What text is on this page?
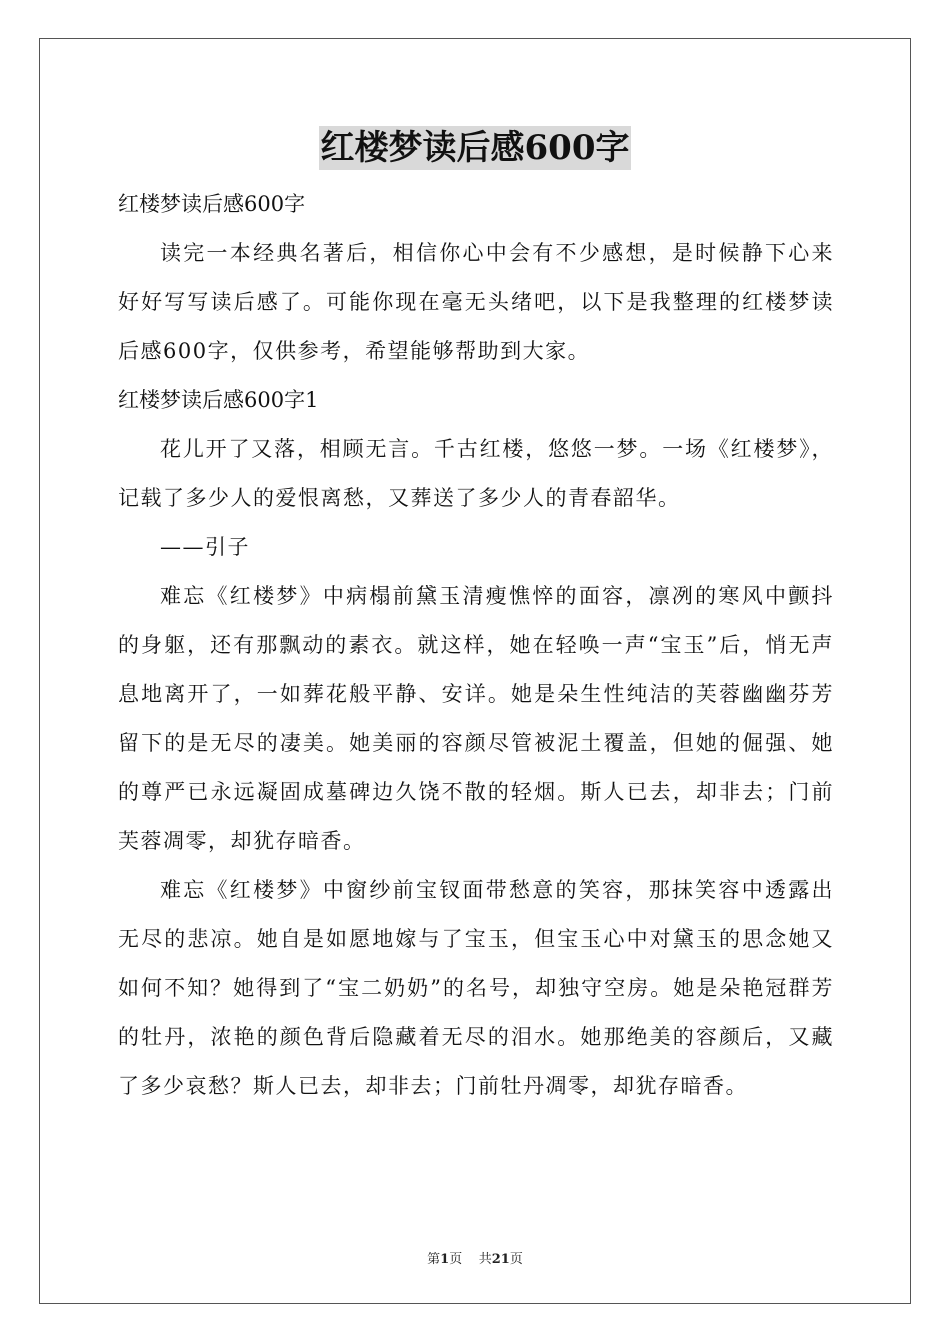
红楼梦读后感600字

红楼梦读后感600字

读完一本经典名著后，相信你心中会有不少感想，是时候静下心来好好写写读后感了。可能你现在毫无头绪吧，以下是我整理的红楼梦读后感600字，仅供参考，希望能够帮助到大家。

红楼梦读后感600字1

花儿开了又落，相顾无言。千古红楼，悠悠一梦。一场《红楼梦》，记载了多少人的爱恨离愁，又葬送了多少人的青春韶华。

——引子

难忘《红楼梦》中病榻前黛玉清瘦憔悴的面容，凛冽的寒风中颤抖的身躯，还有那飘动的素衣。就这样，她在轻唤一声“宝玉”后，悄无声息地离开了，一如葬花般平静、安详。她是朵生性纯洁的芙蓉幽幽芬芳留下的是无尽的凄美。她美丽的容颜尽管被泥土覆盖，但她的倔强、她的尊严已永远凝固成墓碑边久饶不散的轻烟。斯人已去，却非去；门前芙蓉凋零，却犹存暗香。

难忘《红楼梦》中窗纱前宝钗面带愁意的笑容，那抹笑容中透露出无尽的悲凉。她自是如愿地嫁与了宝玉，但宝玉心中对黛玉的思念她又如何不知？她得到了“宝二奶奶”的名号，却独守空房。她是朵艳冠群芳的牡丹，浓艳的颜色背后隐藏着无尽的泪水。她那绝美的容颜后，又藏了多少哀愁？斯人已去，却非去；门前牡丹凋零，却犹存暗香。

第1页 共21页
